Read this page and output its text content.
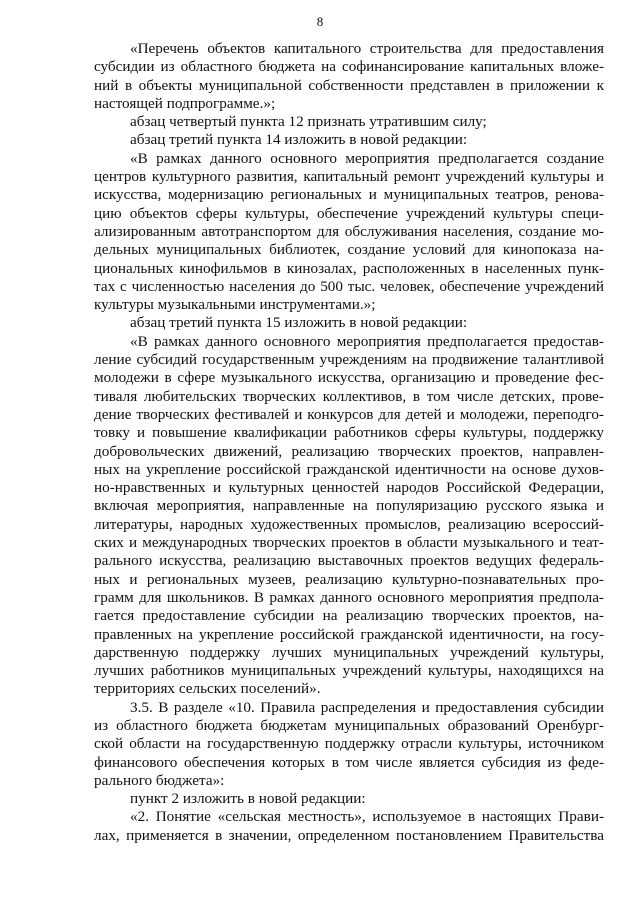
8
«Перечень объектов капитального строительства для предоставления
субсидии из областного бюджета на софинансирование капитальных вложе-
ний в объекты муниципальной собственности представлен в приложении к
настоящей подпрограмме.»;
абзац четвертый пункта 12 признать утратившим силу;
абзац третий пункта 14 изложить в новой редакции:
«В рамках данного основного мероприятия предполагается создание
центров культурного развития, капитальный ремонт учреждений культуры и
искусства, модернизацию региональных и муниципальных театров, ренова-
цию объектов сферы культуры, обеспечение учреждений культуры специ-
ализированным автотранспортом для обслуживания населения, создание мо-
дельных муниципальных библиотек, создание условий для кинопоказа на-
циональных кинофильмов в кинозалах, расположенных в населенных пунк-
тах с численностью населения до 500 тыс. человек, обеспечение учреждений
культуры музыкальными инструментами.»;
абзац третий пункта 15 изложить в новой редакции:
«В рамках данного основного мероприятия предполагается предостав-
ление субсидий государственным учреждениям на продвижение талантливой
молодежи в сфере музыкального искусства, организацию и проведение фес-
тиваля любительских творческих коллективов, в том числе детских, прове-
дение творческих фестивалей и конкурсов для детей и молодежи, переподго-
товку и повышение квалификации работников сферы культуры, поддержку
добровольческих движений, реализацию творческих проектов, направлен-
ных на укрепление российской гражданской идентичности на основе духов-
но-нравственных и культурных ценностей народов Российской Федерации,
включая мероприятия, направленные на популяризацию русского языка и
литературы, народных художественных промыслов, реализацию всероссий-
ских и международных творческих проектов в области музыкального и теат-
рального искусства, реализацию выставочных проектов ведущих федераль-
ных и региональных музеев, реализацию культурно-познавательных про-
грамм для школьников. В рамках данного основного мероприятия предпола-
гается предоставление субсидии на реализацию творческих проектов, на-
правленных на укрепление российской гражданской идентичности, на госу-
дарственную поддержку лучших муниципальных учреждений культуры,
лучших работников муниципальных учреждений культуры, находящихся на
территориях сельских поселений».
3.5. В разделе «10. Правила распределения и предоставления субсидии
из областного бюджета бюджетам муниципальных образований Оренбург-
ской области на государственную поддержку отрасли культуры, источником
финансового обеспечения которых в том числе является субсидия из феде-
рального бюджета»:
пункт 2 изложить в новой редакции:
«2. Понятие «сельская местность», используемое в настоящих Прави-
лах, применяется в значении, определенном постановлением Правительства
